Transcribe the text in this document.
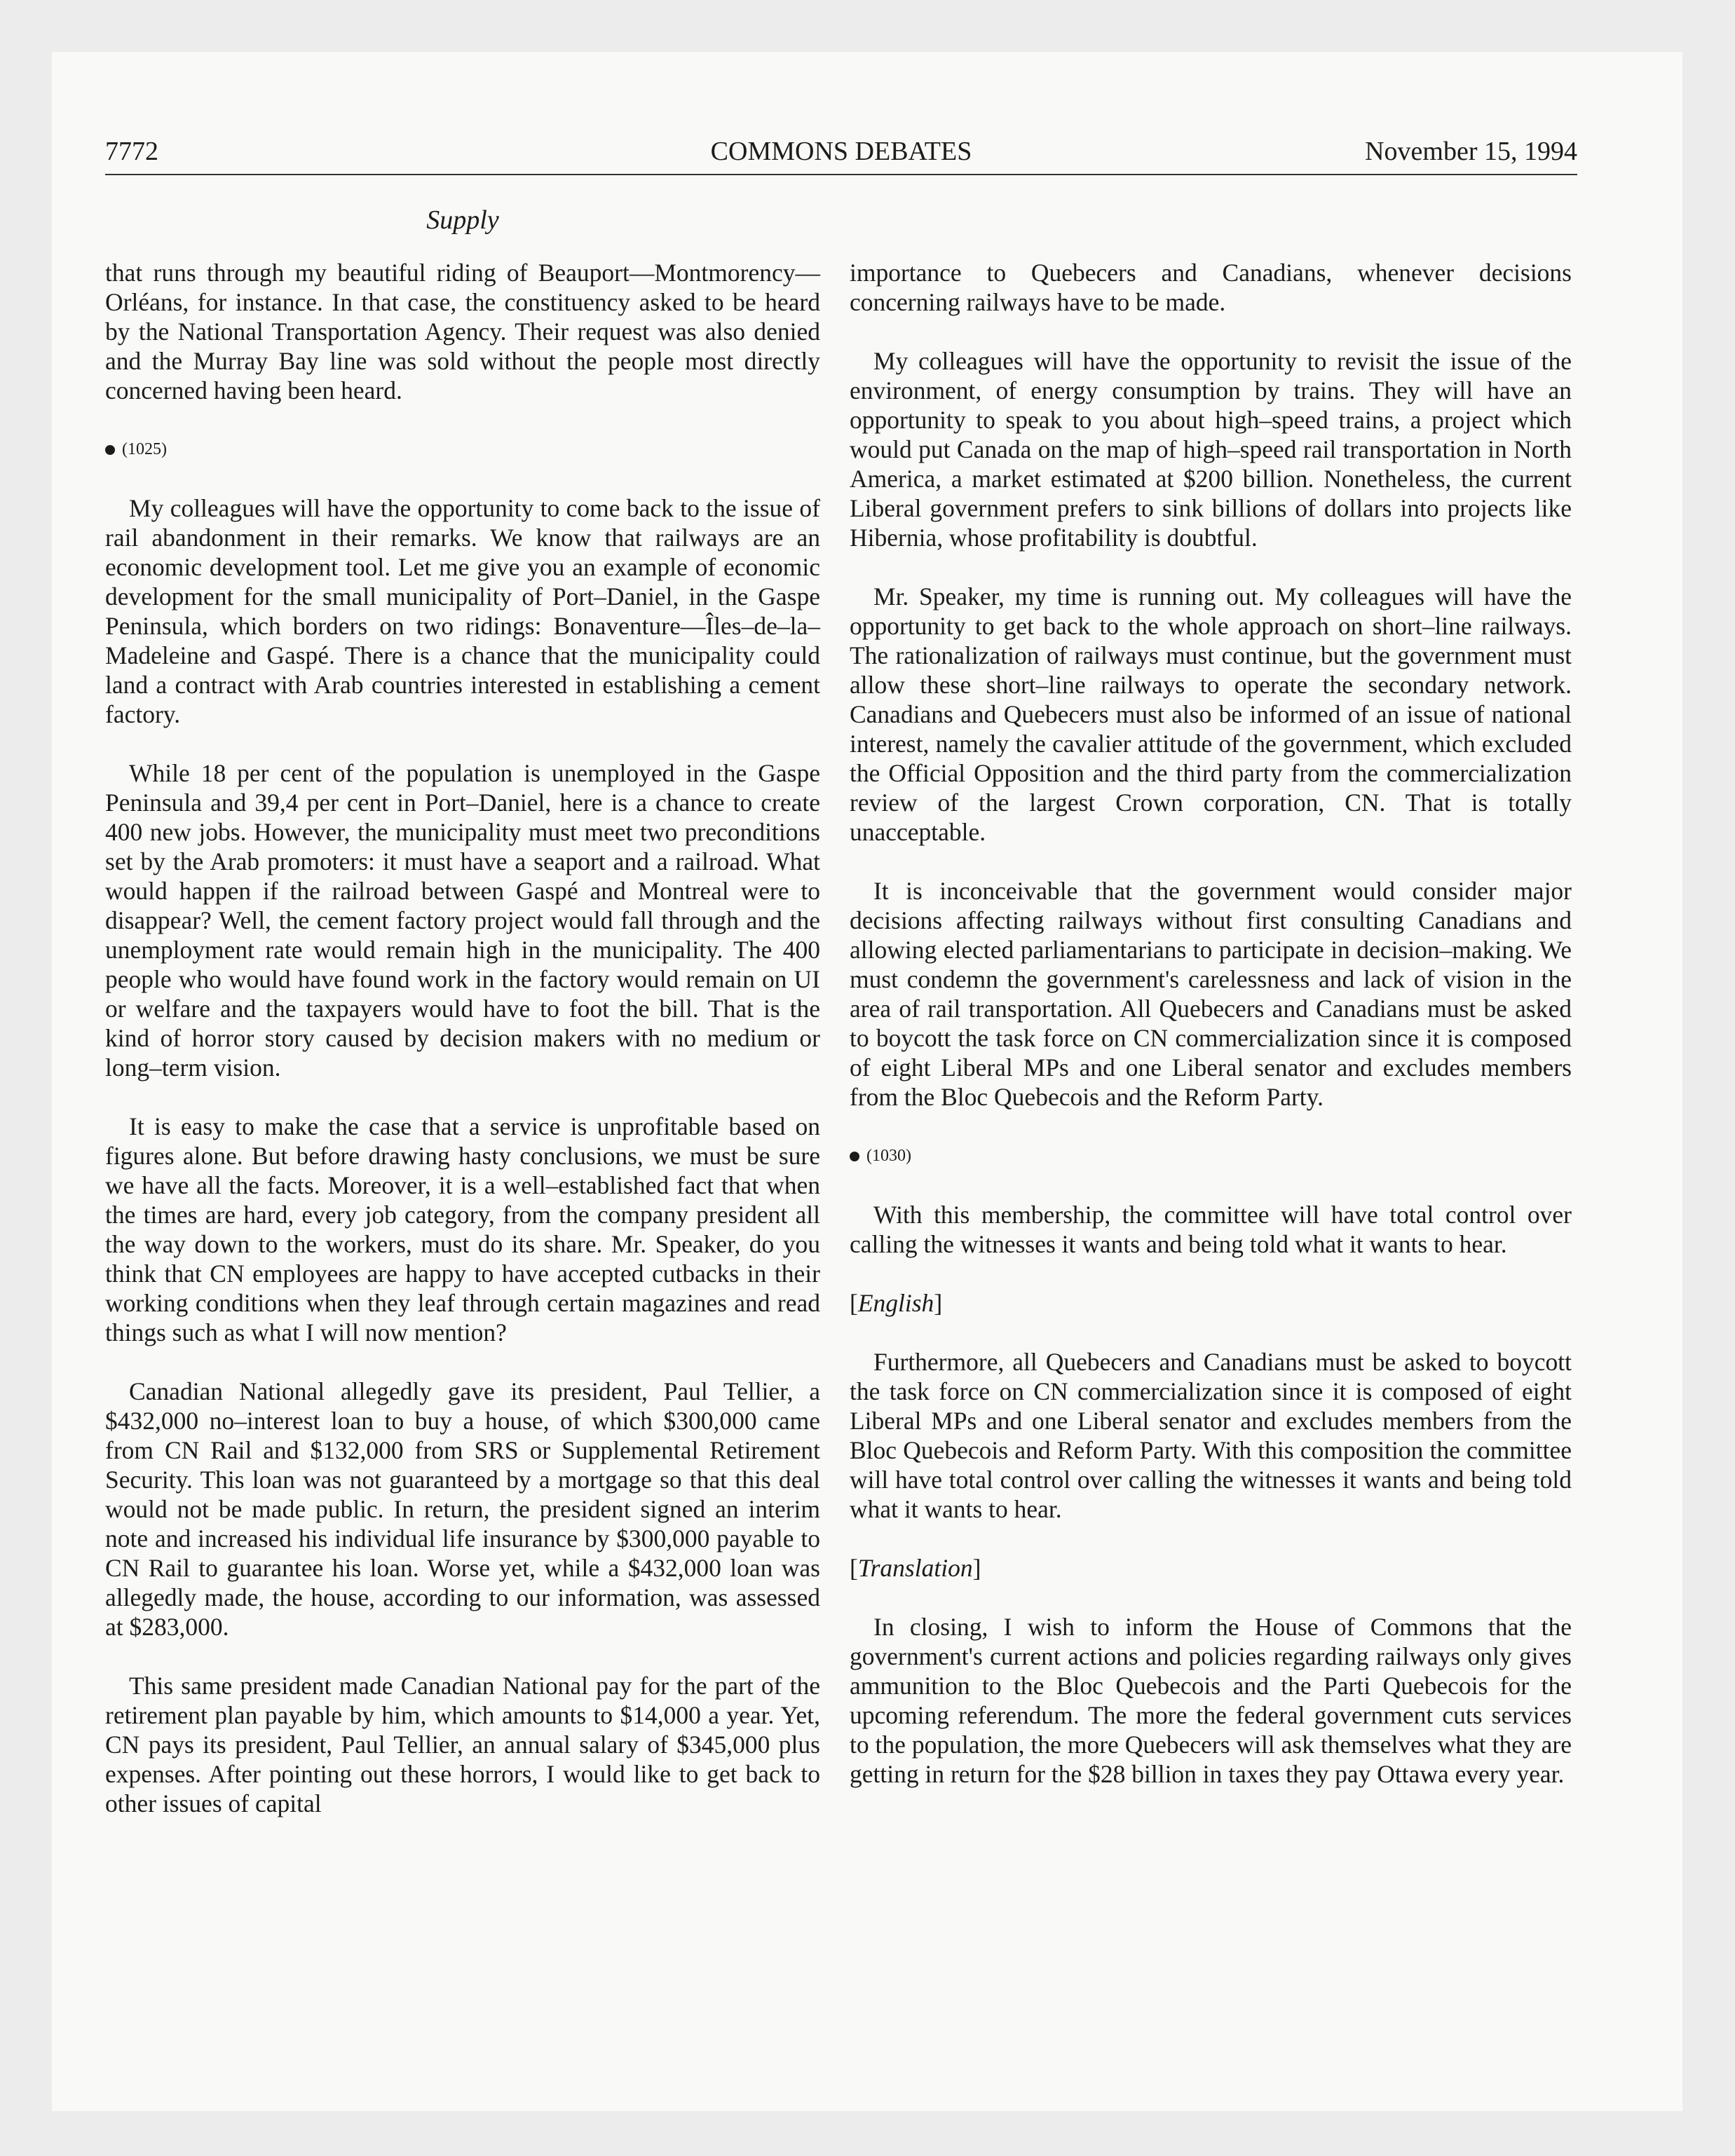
7772	COMMONS DEBATES	November 15, 1994
Supply

that runs through my beautiful riding of Beauport—Montmorency—Orléans, for instance. In that case, the constituency asked to be heard by the National Transportation Agency. Their request was also denied and the Murray Bay line was sold without the people most directly concerned having been heard.

(1025)

My colleagues will have the opportunity to come back to the issue of rail abandonment in their remarks. We know that railways are an economic development tool. Let me give you an example of economic development for the small municipality of Port–Daniel, in the Gaspe Peninsula, which borders on two ridings: Bonaventure—Îles–de–la–Madeleine and Gaspé. There is a chance that the municipality could land a contract with Arab countries interested in establishing a cement factory.

While 18 per cent of the population is unemployed in the Gaspe Peninsula and 39,4 per cent in Port–Daniel, here is a chance to create 400 new jobs. However, the municipality must meet two preconditions set by the Arab promoters: it must have a seaport and a railroad. What would happen if the railroad between Gaspé and Montreal were to disappear? Well, the cement factory project would fall through and the unemployment rate would remain high in the municipality. The 400 people who would have found work in the factory would remain on UI or welfare and the taxpayers would have to foot the bill. That is the kind of horror story caused by decision makers with no medium or long–term vision.

It is easy to make the case that a service is unprofitable based on figures alone. But before drawing hasty conclusions, we must be sure we have all the facts. Moreover, it is a well–established fact that when the times are hard, every job category, from the company president all the way down to the workers, must do its share. Mr. Speaker, do you think that CN employees are happy to have accepted cutbacks in their working conditions when they leaf through certain magazines and read things such as what I will now mention?

Canadian National allegedly gave its president, Paul Tellier, a $432,000 no–interest loan to buy a house, of which $300,000 came from CN Rail and $132,000 from SRS or Supplemental Retirement Security. This loan was not guaranteed by a mortgage so that this deal would not be made public. In return, the president signed an interim note and increased his individual life insurance by $300,000 payable to CN Rail to guarantee his loan. Worse yet, while a $432,000 loan was allegedly made, the house, according to our information, was assessed at $283,000.

This same president made Canadian National pay for the part of the retirement plan payable by him, which amounts to $14,000 a year. Yet, CN pays its president, Paul Tellier, an annual salary of $345,000 plus expenses. After pointing out these horrors, I would like to get back to other issues of capital

importance to Quebecers and Canadians, whenever decisions concerning railways have to be made.

My colleagues will have the opportunity to revisit the issue of the environment, of energy consumption by trains. They will have an opportunity to speak to you about high–speed trains, a project which would put Canada on the map of high–speed rail transportation in North America, a market estimated at $200 billion. Nonetheless, the current Liberal government prefers to sink billions of dollars into projects like Hibernia, whose profitability is doubtful.

Mr. Speaker, my time is running out. My colleagues will have the opportunity to get back to the whole approach on short–line railways. The rationalization of railways must continue, but the government must allow these short–line railways to operate the secondary network. Canadians and Quebecers must also be informed of an issue of national interest, namely the cavalier attitude of the government, which excluded the Official Opposition and the third party from the commercialization review of the largest Crown corporation, CN. That is totally unacceptable.

It is inconceivable that the government would consider major decisions affecting railways without first consulting Canadians and allowing elected parliamentarians to participate in decision–making. We must condemn the government's carelessness and lack of vision in the area of rail transportation. All Quebecers and Canadians must be asked to boycott the task force on CN commercialization since it is composed of eight Liberal MPs and one Liberal senator and excludes members from the Bloc Quebecois and the Reform Party.

(1030)

With this membership, the committee will have total control over calling the witnesses it wants and being told what it wants to hear.

[English]

Furthermore, all Quebecers and Canadians must be asked to boycott the task force on CN commercialization since it is composed of eight Liberal MPs and one Liberal senator and excludes members from the Bloc Quebecois and Reform Party. With this composition the committee will have total control over calling the witnesses it wants and being told what it wants to hear.

[Translation]

In closing, I wish to inform the House of Commons that the government's current actions and policies regarding railways only gives ammunition to the Bloc Quebecois and the Parti Quebecois for the upcoming referendum. The more the federal government cuts services to the population, the more Quebecers will ask themselves what they are getting in return for the $28 billion in taxes they pay Ottawa every year.
